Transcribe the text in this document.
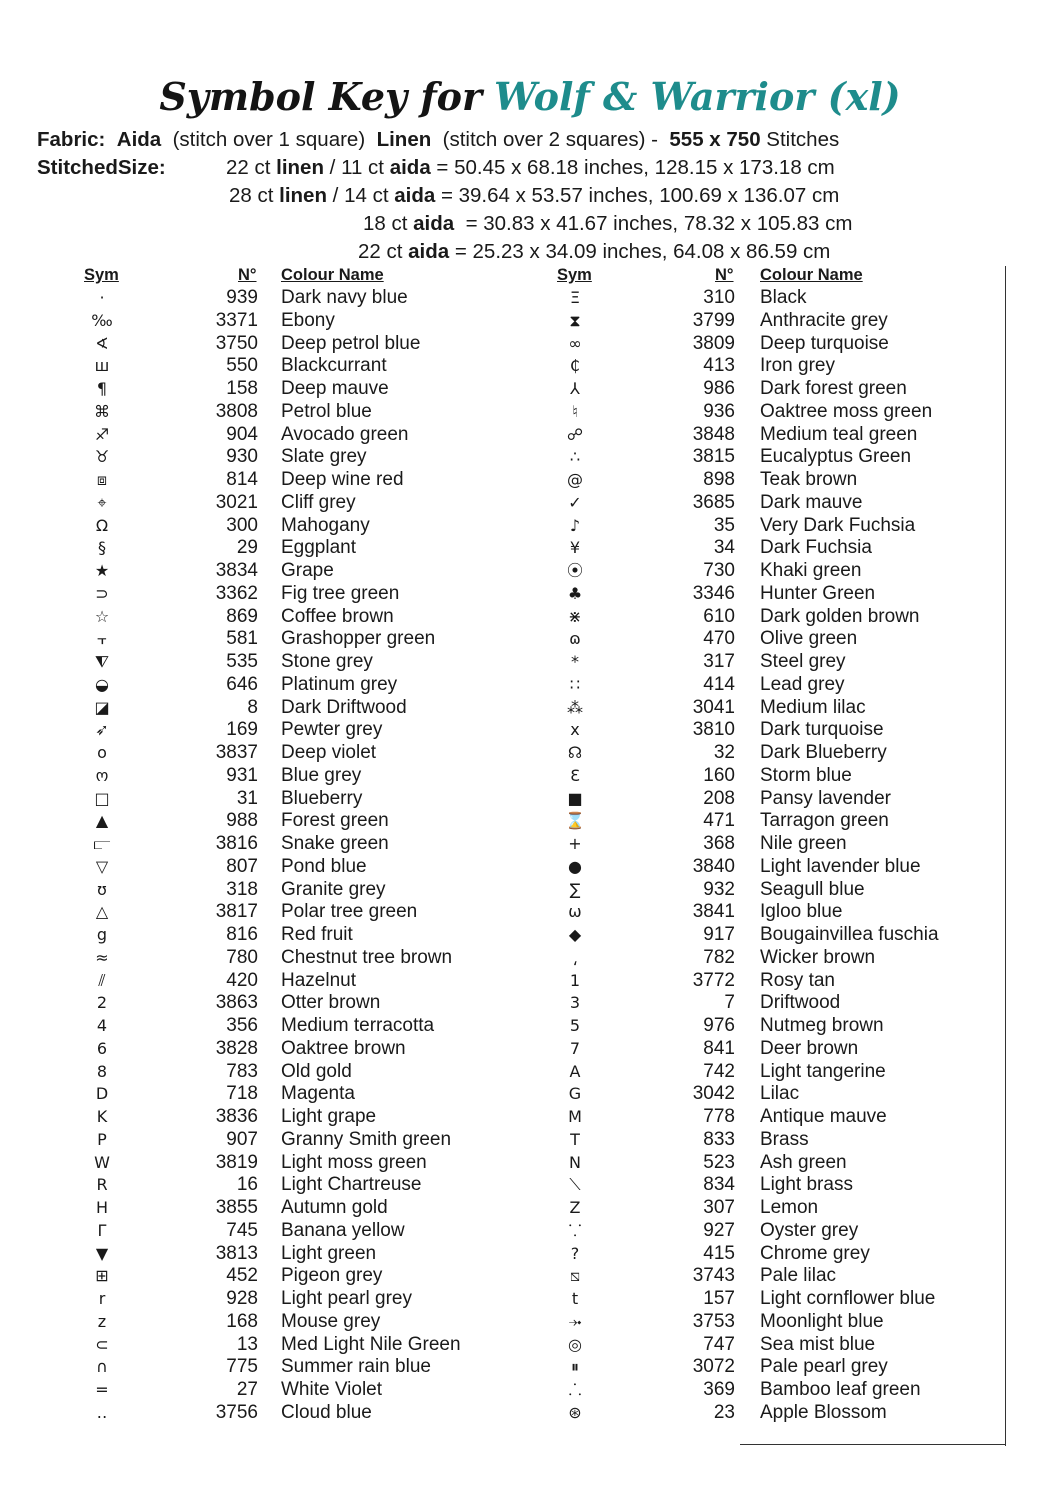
Symbol Key for Wolf & Warrior (xl)
Fabric: Aida (stitch over 1 square) Linen (stitch over 2 squares) - 555 x 750 Stitches
StitchedSize:	22 ct linen / 11 ct aida = 50.45 x 68.18 inches, 128.15 x 173.18 cm
28 ct linen / 14 ct aida = 39.64 x 53.57 inches, 100.69 x 136.07 cm
18 ct aida  = 30.83 x 41.67 inches, 78.32 x 105.83 cm
22 ct aida = 25.23 x 34.09 inches, 64.08 x 86.59 cm
Sym	N° Colour Name	Sym	N° Colour Name
·	939 Dark navy blue
‰	3371 Ebony
∢	3750 Deep petrol blue
ш	550 Blackcurrant
¶	158 Deep mauve
⌘	3808 Petrol blue
♐	904 Avocado green
♉	930 Slate grey
⧈	814 Deep wine red
⌖	3021 Cliff grey
Ω	300 Mahogany
§	29 Eggplant
★	3834 Grape
⊃	3362 Fig tree green
☆	869 Coffee brown
⫟	581 Grashopper green
⧨	535 Stone grey
◒	646 Platinum grey
◪	8 Dark Driftwood
➶	169 Pewter grey
o	3837 Deep violet
ო	931 Blue grey
□	31 Blueberry
▲	988 Forest green
⫍	3816 Snake green
▽	807 Pond blue
ʊ	318 Granite grey
△	3817 Polar tree green
g	816 Red fruit
≈	780 Chestnut tree brown
⫽	420 Hazelnut
2	3863 Otter brown
4	356 Medium terracotta
6	3828 Oaktree brown
8	783 Old gold
D	718 Magenta
K	3836 Light grape
P	907 Granny Smith green
W	3819 Light moss green
R	16 Light Chartreuse
H	3855 Autumn gold
Γ	745 Banana yellow
▼	3813 Light green
⊞	452 Pigeon grey
r	928 Light pearl grey
z	168 Mouse grey
⊂	13 Med Light Nile Green
∩	775 Summer rain blue
=	27 White Violet
‥	3756 Cloud blue
Ξ	310 Black
⧗	3799 Anthracite grey
∞	3809 Deep turquoise
₵	413 Iron grey
⅄	986 Dark forest green
♮	936 Oaktree moss green
☍	3848 Medium teal green
∴	3815 Eucalyptus Green
@	898 Teak brown
✓	3685 Dark mauve
♪	35 Very Dark Fuchsia
¥	34 Dark Fuchsia
⦿	730 Khaki green
♣	3346 Hunter Green
⋇	610 Dark golden brown
ɷ	470 Olive green
*	317 Steel grey
∷	414 Lead grey
⁂	3041 Medium lilac
x	3810 Dark turquoise
☊	32 Dark Blueberry
Ɛ	160 Storm blue
■	208 Pansy lavender
⌛	471 Tarragon green
+	368 Nile green
●	3840 Light lavender blue
∑	932 Seagull blue
ω	3841 Igloo blue
◆	917 Bougainvillea fuschia
⸲	782 Wicker brown
1	3772 Rosy tan
3	7 Driftwood
5	976 Nutmeg brown
7	841 Deer brown
A	742 Light tangerine
G	3042 Lilac
M	778 Antique mauve
T	833 Brass
N	523 Ash green
⟍	834 Light brass
Z	307 Lemon
⸪	927 Oyster grey
?	415 Chrome grey
⧅	3743 Pale lilac
t	157 Light cornflower blue
⤞	3753 Moonlight blue
◎	747 Sea mist blue
⏸	3072 Pale pearl grey
⸫	369 Bamboo leaf green
⊛	23 Apple Blossom
